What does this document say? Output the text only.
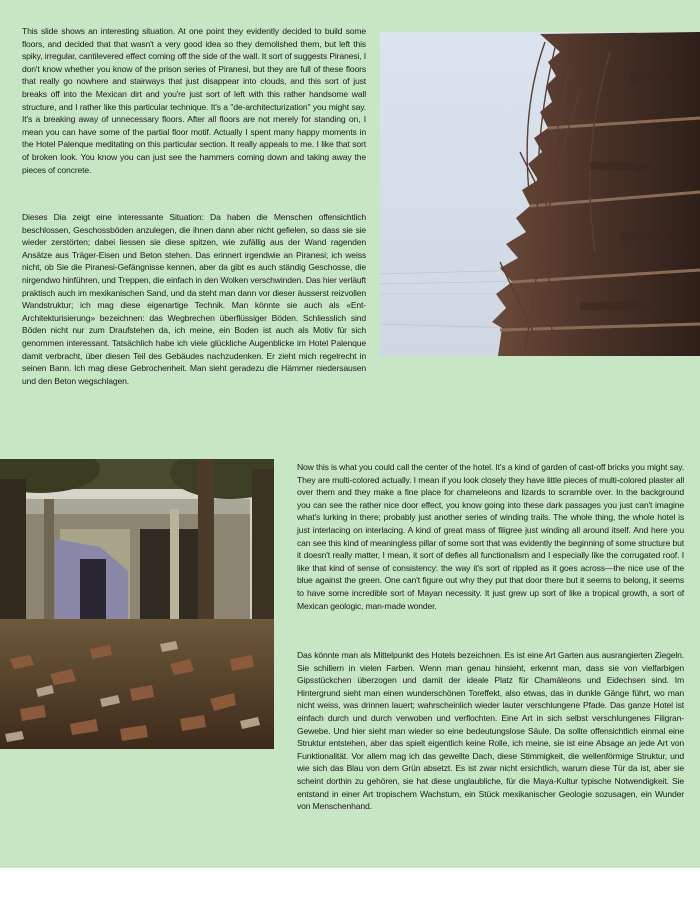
This slide shows an interesting situation. At one point they evidently decided to build some floors, and decided that that wasn't a very good idea so they demolished them, but left this spiky, irregular, cantilevered effect coming off the side of the wall. It sort of suggests Piranesi, I don't know whether you know of the prison series of Piranesi, but they are full of these floors that really go nowhere and stairways that just disappear into clouds, and this sort of just breaks off into the Mexican dirt and you're just sort of left with this rather handsome wall structure, and I rather like this particular technique. It's a "de-architecturization" you might say. It's a breaking away of unnecessary floors. After all floors are not merely for standing on, I mean you can have some of the partial floor motif. Actually I spent many happy moments in the Hotel Palenque meditating on this particular section. It really appeals to me. I like that sort of broken look. You know you can just see the hammers coming down and taking away the pieces of concrete.

Dieses Dia zeigt eine interessante Situation: Da haben die Menschen offensichtlich beschlossen, Geschossböden anzulegen, die ihnen dann aber nicht gefielen, so dass sie sie wieder zerstörten; dabei liessen sie diese spitzen, wie zufällig aus der Wand ragenden Ansätze aus Träger-Eisen und Beton stehen. Das erinnert irgendwie an Piranesi; ich weiss nicht, ob Sie die Piranesi-Gefängnisse kennen, aber da gibt es auch ständig Geschosse, die nirgendwo hinführen, und Treppen, die einfach in den Wolken verschwinden. Das hier verläuft praktisch auch im mexikanischen Sand, und da steht man dann vor dieser äusserst reizvollen Wandstruktur; ich mag diese eigenartige Technik. Man könnte sie auch als «Ent-Architekturisierung» bezeichnen: das Wegbrechen überflüssiger Böden. Schliesslich sind Böden nicht nur zum Draufstehen da, ich meine, ein Boden ist auch als Motiv für sich genommen interessant. Tatsächlich habe ich viele glückliche Augenblicke im Hotel Palenque damit verbracht, über diesen Teil des Gebäudes nachzudenken. Er zieht mich regelrecht in seinen Bann. Ich mag diese Gebrochenheit. Man sieht geradezu die Hämmer niedersausen und den Beton wegschlagen.

Now this is what you could call the center of the hotel. It's a kind of garden of cast-off bricks you might say. They are multi-colored actually. I mean if you look closely they have little pieces of multi-colored plaster all over them and they make a fine place for chameleons and lizards to scramble over. In the background you can see the rather nice door effect, you know going into these dark passages you just can't imagine what's lurking in there; probably just another series of winding trails. The whole thing, the whole hotel is just interlacing on interlacing. A kind of great mass of filigree just winding all around itself. And here you can see this kind of meaningless pillar of some sort that was evidently the beginning of some structure but it doesn't really matter, I mean, it sort of defies all functionalism and I especially like the corrugated roof. I like that kind of sense of consistency: the way it's sort of rippled as it goes across—the nice use of the blue against the green. One can't figure out why they put that door there but it seems to belong, it seems to have some incredible sort of Mayan necessity. It just grew up sort of like a tropical growth, a sort of Mexican geologic, man-made wonder.

Das könnte man als Mittelpunkt des Hotels bezeichnen. Es ist eine Art Garten aus ausrangierten Ziegeln. Sie schillern in vielen Farben. Wenn man genau hinsieht, erkennt man, dass sie von vielfarbigen Gipsstückchen überzogen und damit der ideale Platz für Chamäleons und Eidechsen sind. Im Hintergrund sieht man einen wunderschönen Toreffekt, also etwas, das in dunkle Gänge führt, wo man nicht weiss, was drinnen lauert; wahrscheinlich wieder lauter verschlungene Pfade. Das ganze Hotel ist einfach durch und durch verwoben und verflochten. Eine Art in sich selbst verschlungenes Filigran-Gewebe. Und hier sieht man wieder so eine bedeutungslose Säule. Da sollte offensichtlich einmal eine Struktur entstehen, aber das spielt eigentlich keine Rolle, ich meine, sie ist eine Absage an jede Art von Funktionalität. Vor allem mag ich das gewellte Dach, diese Stimmigkeit, die wellenförmige Struktur, und wie sich das Blau von dem Grün absetzt. Es ist zwar nicht ersichtlich, warum diese Tür da ist, aber sie scheint dorthin zu gehören, sie hat diese unglaubliche, für die Maya-Kultur typische Notwendigkeit. Sie entstand in einer Art tropischem Wachstum, ein Stück mexikanischer Geologie sozusagen, ein Wunder von Menschenhand.
